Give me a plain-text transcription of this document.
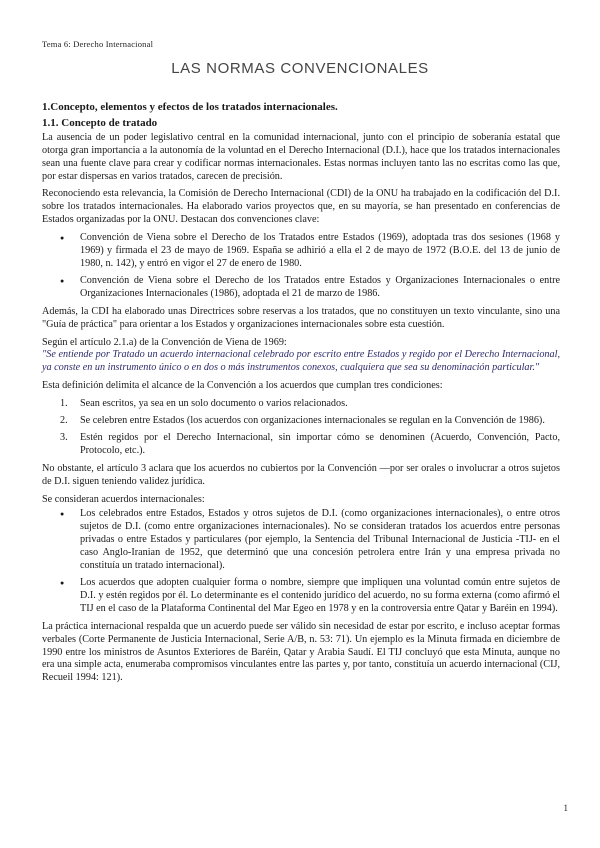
Tema 6: Derecho Internacional
LAS NORMAS CONVENCIONALES
1.Concepto, elementos y efectos de los tratados internacionales.
1.1. Concepto de tratado

La ausencia de un poder legislativo central en la comunidad internacional, junto con el principio de soberanía estatal que otorga gran importancia a la autonomía de la voluntad en el Derecho Internacional (D.I.), hace que los tratados internacionales sean una fuente clave para crear y codificar normas internacionales. Estas normas incluyen tanto las no escritas como las que, por estar dispersas en varios tratados, carecen de precisión.

Reconociendo esta relevancia, la Comisión de Derecho Internacional (CDI) de la ONU ha trabajado en la codificación del D.I. sobre los tratados internacionales. Ha elaborado varios proyectos que, en su mayoría, se han presentado en conferencias de Estados organizadas por la ONU. Destacan dos convenciones clave:

● Convención de Viena sobre el Derecho de los Tratados entre Estados (1969), adoptada tras dos sesiones (1968 y 1969) y firmada el 23 de mayo de 1969. España se adhirió a ella el 2 de mayo de 1972 (B.O.E. del 13 de junio de 1980, n. 142), y entró en vigor el 27 de enero de 1980.
● Convención de Viena sobre el Derecho de los Tratados entre Estados y Organizaciones Internacionales o entre Organizaciones Internacionales (1986), adoptada el 21 de marzo de 1986.

Además, la CDI ha elaborado unas Directrices sobre reservas a los tratados, que no constituyen un texto vinculante, sino una "Guía de práctica" para orientar a los Estados y organizaciones internacionales sobre esta cuestión.

Según el artículo 2.1.a) de la Convención de Viena de 1969:

"Se entiende por Tratado un acuerdo internacional celebrado por escrito entre Estados y regido por el Derecho Internacional, ya conste en un instrumento único o en dos o más instrumentos conexos, cualquiera que sea su denominación particular."

Esta definición delimita el alcance de la Convención a los acuerdos que cumplan tres condiciones:

1. Sean escritos, ya sea en un solo documento o varios relacionados.
2. Se celebren entre Estados (los acuerdos con organizaciones internacionales se regulan en la Convención de 1986).
3. Estén regidos por el Derecho Internacional, sin importar cómo se denominen (Acuerdo, Convención, Pacto, Protocolo, etc.).

No obstante, el artículo 3 aclara que los acuerdos no cubiertos por la Convención —por ser orales o involucrar a otros sujetos de D.I. siguen teniendo validez jurídica.

Se consideran acuerdos internacionales:

● Los celebrados entre Estados, Estados y otros sujetos de D.I. (como organizaciones internacionales), o entre otros sujetos de D.I. (como entre organizaciones internacionales). No se consideran tratados los acuerdos entre personas privadas o entre Estados y particulares (por ejemplo, la Sentencia del Tribunal Internacional de Justicia -TIJ- en el caso Anglo-Iranian de 1952, que determinó que una concesión petrolera entre Irán y una empresa privada no constituía un tratado internacional).
● Los acuerdos que adopten cualquier forma o nombre, siempre que impliquen una voluntad común entre sujetos de D.I. y estén regidos por él. Lo determinante es el contenido jurídico del acuerdo, no su forma externa (como afirmó el TIJ en el caso de la Plataforma Continental del Mar Egeo en 1978 y en la controversia entre Qatar y Baréin en 1994).

La práctica internacional respalda que un acuerdo puede ser válido sin necesidad de estar por escrito, e incluso aceptar formas verbales (Corte Permanente de Justicia Internacional, Serie A/B, n. 53: 71). Un ejemplo es la Minuta firmada en diciembre de 1990 entre los ministros de Asuntos Exteriores de Baréin, Qatar y Arabia Saudí. El TIJ concluyó que esta Minuta, aunque no era una simple acta, enumeraba compromisos vinculantes entre las partes y, por tanto, constituía un acuerdo internacional (CIJ, Recueil 1994: 121).

1
